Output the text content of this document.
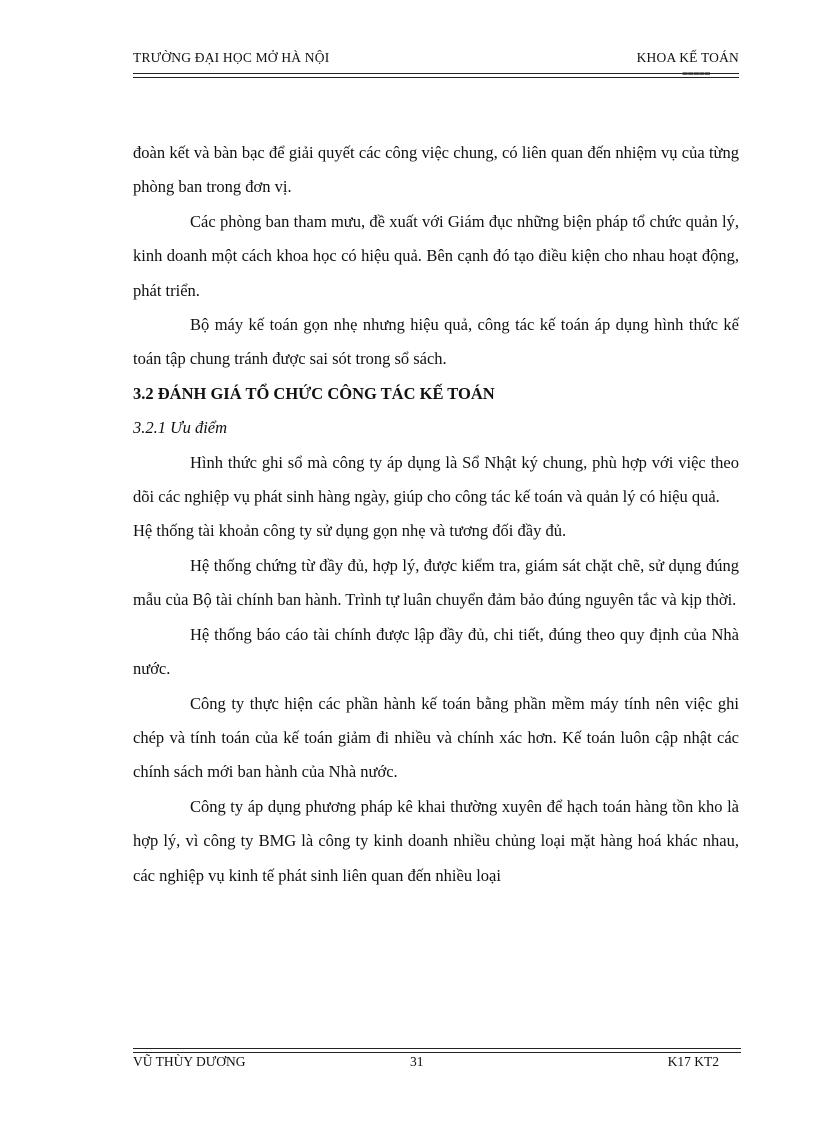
TRƯỜNG ĐẠI HỌC MỞ HÀ NỘI	KHOA KẾ TOÁN
=====

đoàn kết và bàn bạc để giải quyết các công việc chung, có liên quan đến nhiệm vụ của từng phòng ban trong đơn vị.

Các phòng ban tham mưu, đề xuất với Giám đục những biện pháp tổ chức quản lý, kinh doanh một cách khoa học có hiệu quả. Bên cạnh đó tạo điều kiện cho nhau hoạt động, phát triển.

Bộ máy kế toán gọn nhẹ nhưng hiệu quả, công tác kế toán áp dụng hình thức kế toán tập chung tránh được sai sót trong sổ sách.

3.2 ĐÁNH GIÁ TỔ CHỨC CÔNG TÁC KẾ TOÁN
3.2.1 Ưu điểm

Hình thức ghi sổ mà công ty áp dụng là Sổ Nhật ký chung, phù hợp với việc theo dõi các nghiệp vụ phát sinh hàng ngày, giúp cho công tác kế toán và quản lý có hiệu quả.

Hệ thống tài khoản công ty sử dụng gọn nhẹ và tương đối đầy đủ.

Hệ thống chứng từ đầy đủ, hợp lý, được kiểm tra, giám sát chặt chẽ, sử dụng đúng mẫu của Bộ tài chính ban hành. Trình tự luân chuyển đảm bảo đúng nguyên tắc và kịp thời.

Hệ thống báo cáo tài chính được lập đầy đủ, chi tiết, đúng theo quy định của Nhà nước.

Công ty thực hiện các phần hành kế toán bằng phần mềm máy tính nên việc ghi chép và tính toán của kế toán giảm đi nhiều và chính xác hơn. Kế toán luôn cập nhật các chính sách mới ban hành của Nhà nước.

Công ty áp dụng phương pháp kê khai thường xuyên để hạch toán hàng tồn kho là hợp lý, vì công ty BMG là công ty kinh doanh nhiều chủng loại mặt hàng hoá khác nhau, các nghiệp vụ kinh tế phát sinh liên quan đến nhiều loại

VŨ THÙY DƯƠNG	31	K17 KT2
